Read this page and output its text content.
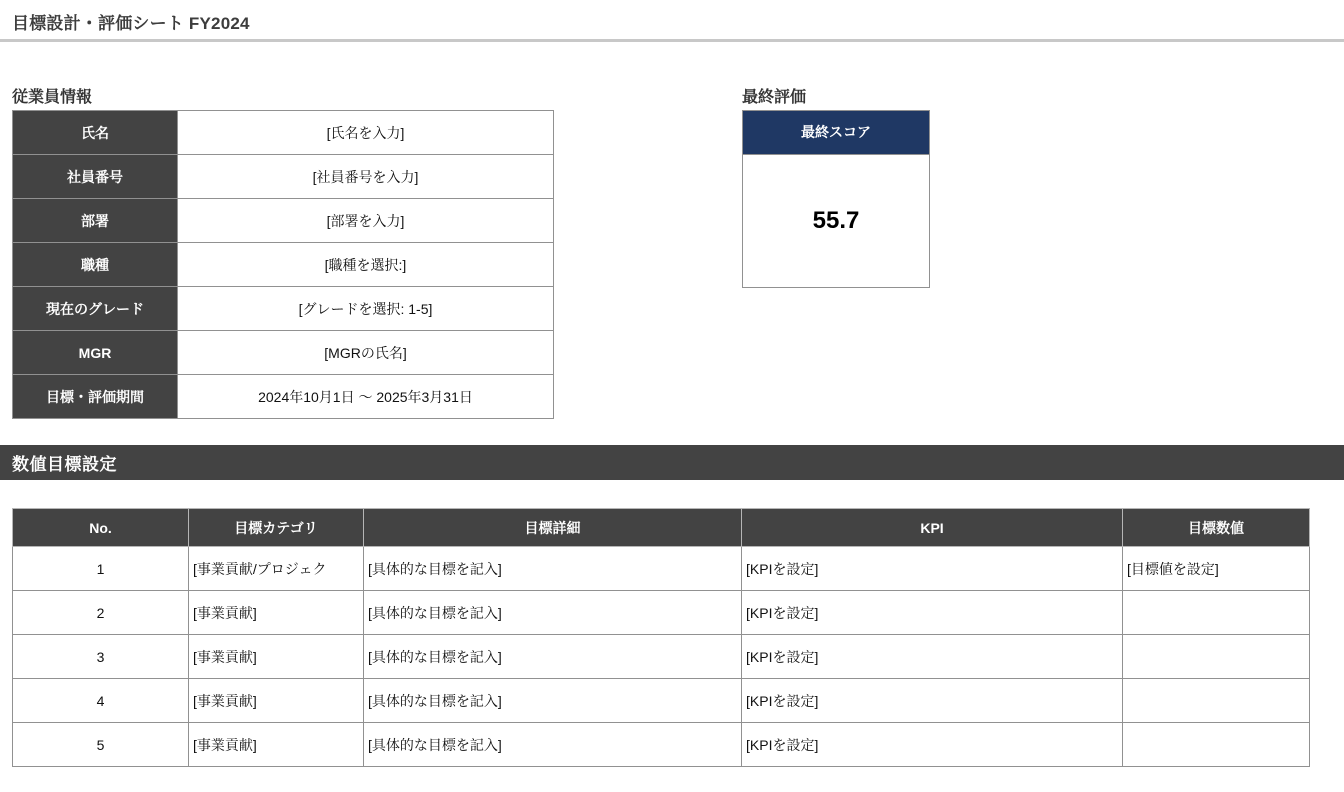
目標設計・評価シート FY2024
従業員情報
氏名	[氏名を入力]
社員番号	[社員番号を入力]
部署	[部署を入力]
職種	[職種を選択:]
現在のグレード	[グレードを選択: 1-5]
MGR	[MGRの氏名]
目標・評価期間	2024年10月1日 〜 2025年3月31日
最終評価
最終スコア
55.7
数値目標設定
No.	目標カテゴリ	目標詳細	KPI	目標数値
1	[事業貢献/プロジェク	[具体的な目標を記入]	[KPIを設定]	[目標値を設定]
2	[事業貢献]	[具体的な目標を記入]	[KPIを設定]	
3	[事業貢献]	[具体的な目標を記入]	[KPIを設定]	
4	[事業貢献]	[具体的な目標を記入]	[KPIを設定]	
5	[事業貢献]	[具体的な目標を記入]	[KPIを設定]	
